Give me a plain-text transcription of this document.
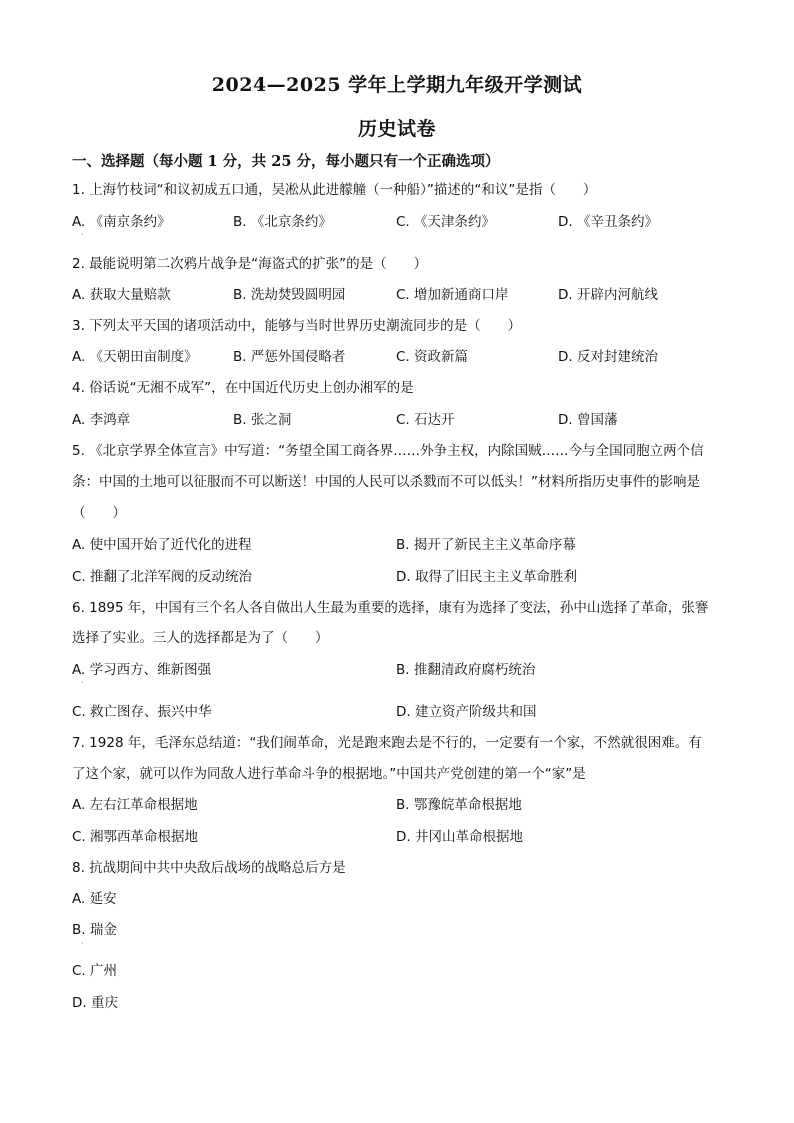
2024—2025 学年上学期九年级开学测试
历史试卷
一、选择题（每小题 1 分，共 25 分，每小题只有一个正确选项）
1. 上海竹枝词“和议初成五口通，吴凇从此进艨艟（一种船）”描述的“和议”是指（　　）
A. 《南京条约》	B. 《北京条约》	C. 《天津条约》	D. 《辛丑条约》
·
2. 最能说明第二次鸦片战争是“海盗式的扩张”的是（　　）
A. 获取大量赔款	B. 洗劫焚毁圆明园	C. 增加新通商口岸	D. 开辟内河航线
3. 下列太平天国的诸项活动中，能够与当时世界历史潮流同步的是（　　）
A. 《天朝田亩制度》	B. 严惩外国侵略者	C. 资政新篇	D. 反对封建统治
4. 俗话说“无湘不成军”，在中国近代历史上创办湘军的是
A. 李鸿章	B. 张之洞	C. 石达开	D. 曾国藩
5. 《北京学界全体宣言》中写道：“务望全国工商各界……外争主权，内除国贼……今与全国同胞立两个信
条：中国的土地可以征服而不可以断送！中国的人民可以杀戮而不可以低头！”材料所指历史事件的影响是
（　　）
A. 使中国开始了近代化的进程	B. 揭开了新民主主义革命序幕
C. 推翻了北洋军阀的反动统治	D. 取得了旧民主主义革命胜利
6. 1895 年，中国有三个名人各自做出人生最为重要的选择，康有为选择了变法，孙中山选择了革命，张謇
选择了实业。三人的选择都是为了（　　）
A. 学习西方、维新图强	B. 推翻清政府腐朽统治
·
C. 救亡图存、振兴中华	D. 建立资产阶级共和国
7. 1928 年，毛泽东总结道：“我们闹革命，光是跑来跑去是不行的，一定要有一个家，不然就很困难。有
了这个家，就可以作为同敌人进行革命斗争的根据地。”中国共产党创建的第一个“家”是
A. 左右江革命根据地	B. 鄂豫皖革命根据地
C. 湘鄂西革命根据地	D. 井冈山革命根据地
8. 抗战期间中共中央敌后战场的战略总后方是
A. 延安
B. 瑞金
·
C. 广州
D. 重庆
